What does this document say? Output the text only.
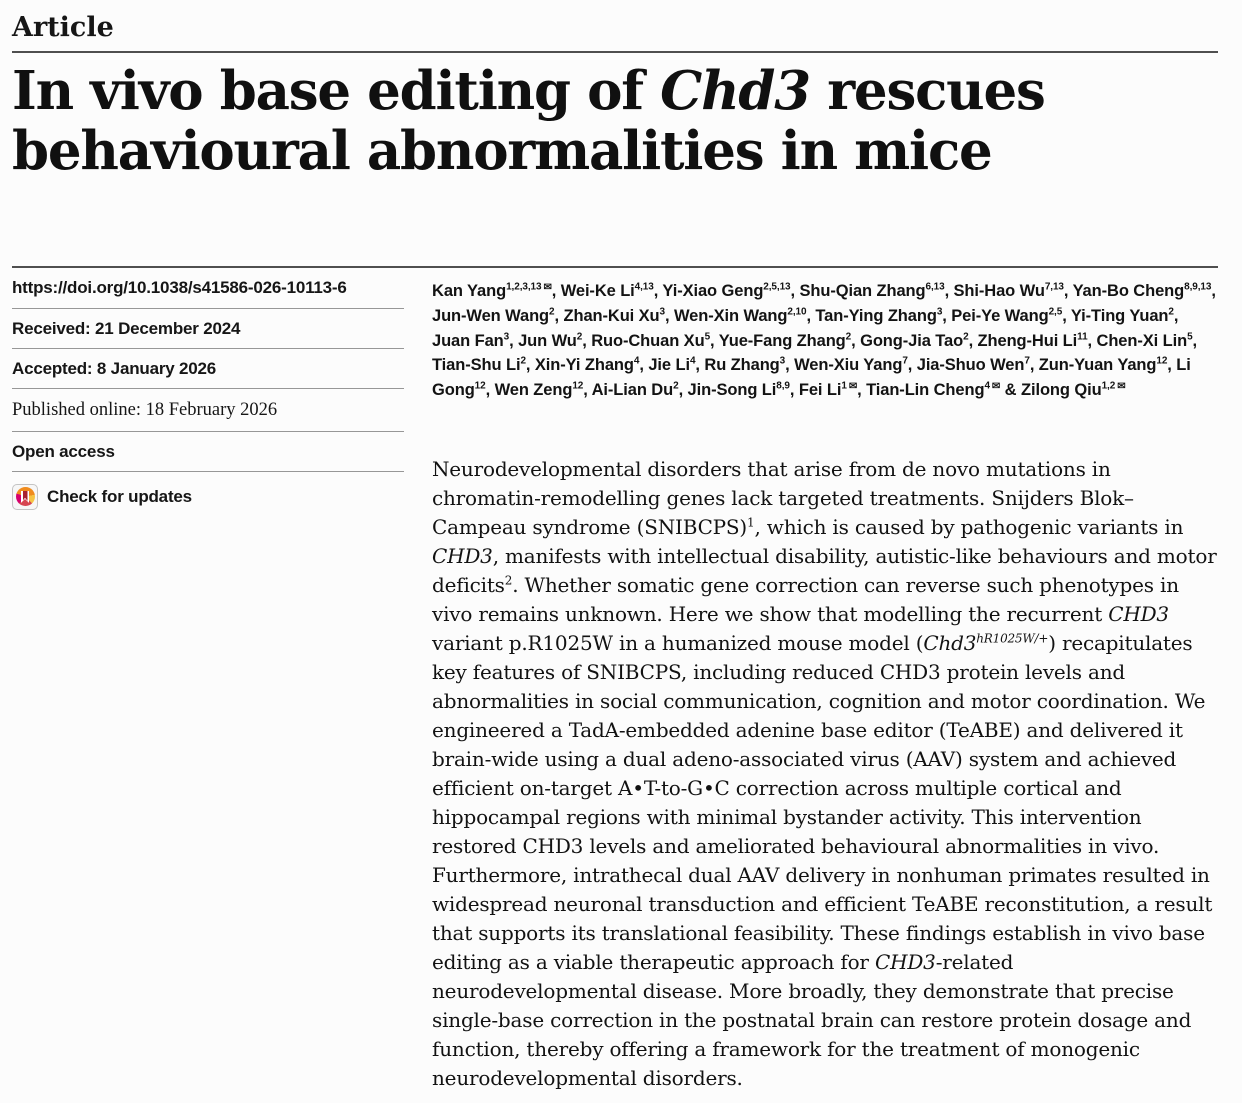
Article
In vivo base editing of Chd3 rescues behavioural abnormalities in mice
https://doi.org/10.1038/s41586-026-10113-6
Received: 21 December 2024
Accepted: 8 January 2026
Published online: 18 February 2026
Open access
Check for updates

Kan Yang$^{1,2,3,13}$ ✉, Wei-Ke Li$^{4,13}$, Yi-Xiao Geng$^{2,5,13}$, Shu-Qian Zhang$^{6,13}$, Shi-Hao Wu$^{7,13}$, Yan-Bo Cheng$^{8,9,13}$, Jun-Wen Wang$^2$, Zhan-Kui Xu$^3$, Wen-Xin Wang$^{2,10}$, Tan-Ying Zhang$^3$, Pei-Ye Wang$^{2,5}$, Yi-Ting Yuan$^2$, Juan Fan$^3$, Jun Wu$^2$, Ruo-Chuan Xu$^5$, Yue-Fang Zhang$^2$, Gong-Jia Tao$^2$, Zheng-Hui Li$^{11}$, Chen-Xi Lin$^5$, Tian-Shu Li$^2$, Xin-Yi Zhang$^4$, Jie Li$^4$, Ru Zhang$^3$, Wen-Xiu Yang$^7$, Jia-Shuo Wen$^7$, Zun-Yuan Yang$^{12}$, Li Gong$^{12}$, Wen Zeng$^{12}$, Ai-Lian Du$^2$, Jin-Song Li$^{8,9}$, Fei Li$^1$ ✉, Tian-Lin Cheng$^4$ ✉ & Zilong Qiu$^{1,2}$ ✉

Neurodevelopmental disorders that arise from de novo mutations in chromatin-remodelling genes lack targeted treatments. Snijders Blok–Campeau syndrome (SNIBCPS)$^1$, which is caused by pathogenic variants in CHD3, manifests with intellectual disability, autistic-like behaviours and motor deficits$^2$. Whether somatic gene correction can reverse such phenotypes in vivo remains unknown. Here we show that modelling the recurrent CHD3 variant p.R1025W in a humanized mouse model $(Chd3^{hR1025W/+})$ recapitulates key features of SNIBCPS, including reduced CHD3 protein levels and abnormalities in social communication, cognition and motor coordination. We engineered a TadA-embedded adenine base editor (TeABE) and delivered it brain-wide using a dual adeno-associated virus (AAV) system and achieved efficient on-target A•T-to-G•C correction across multiple cortical and hippocampal regions with minimal bystander activity. This intervention restored CHD3 levels and ameliorated behavioural abnormalities in vivo. Furthermore, intrathecal dual AAV delivery in nonhuman primates resulted in widespread neuronal transduction and efficient TeABE reconstitution, a result that supports its translational feasibility. These findings establish in vivo base editing as a viable therapeutic approach for CHD3-related neurodevelopmental disease. More broadly, they demonstrate that precise single-base correction in the postnatal brain can restore protein dosage and function, thereby offering a framework for the treatment of monogenic neurodevelopmental disorders.
